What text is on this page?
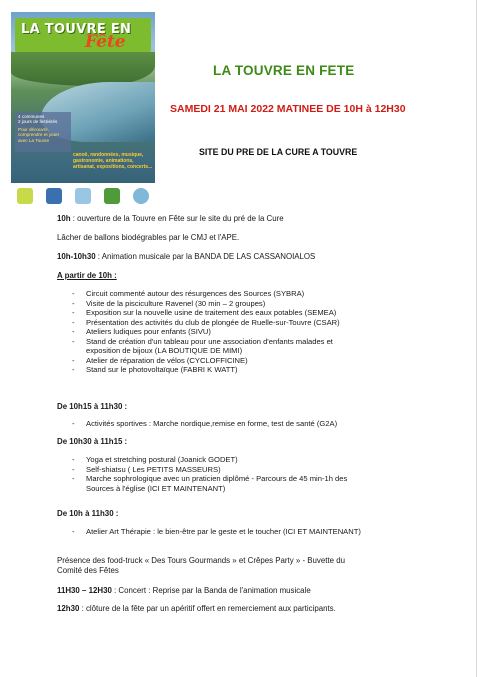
LA TOUVRE EN
Fête
4 communes
2 jours de festivités
Pour découvrir, comprendre et jouer avec La Touvre
canoë, randonnées, musique, gastronomie, animations, artisanat, expositions, concerts...
LA TOUVRE EN FETE
SAMEDI 21 MAI 2022 MATINEE DE 10H à 12H30
SITE DU PRE DE LA CURE A TOUVRE
10h : ouverture de la Touvre en Fête sur le site du pré de la Cure
Lâcher de ballons biodégrables par le CMJ et l'APE.
10h-10h30 : Animation musicale par la BANDA DE LAS CASSANOIALOS
A partir de 10h :
- Circuit commenté autour des résurgences des Sources (SYBRA)
- Visite de la pisciculture Ravenel (30 min – 2 groupes)
- Exposition sur la nouvelle usine de traitement des eaux potables (SEMEA)
- Présentation des activités du club de plongée de Ruelle-sur-Touvre (CSAR)
- Ateliers ludiques pour enfants (SIVU)
- Stand de création d'un tableau pour une association d'enfants malades et
exposition de bijoux (LA BOUTIQUE DE MIMI)
- Atelier de réparation de vélos (CYCLOFFICINE)
- Stand sur le photovoltaïque (FABRI K WATT)
De 10h15 à 11h30 :
- Activités sportives : Marche nordique,remise en forme, test de santé (G2A)
De 10h30 à 11h15 :
- Yoga et stretching postural (Joanick GODET)
- Self-shiatsu ( Les PETITS MASSEURS)
- Marche sophrologique avec un praticien diplômé - Parcours de 45 min-1h des
Sources à l'église (ICI ET MAINTENANT)
De 10h à 11h30 :
- Atelier Art Thérapie : le bien-être par le geste et le toucher (ICI ET MAINTENANT)
Présence des food-truck « Des Tours Gourmands » et Crêpes Party » - Buvette du
Comité des Fêtes
11H30 – 12H30 : Concert : Reprise par la Banda de l'animation musicale
12h30 : clôture de la fête par un apéritif offert en remerciement aux participants.
